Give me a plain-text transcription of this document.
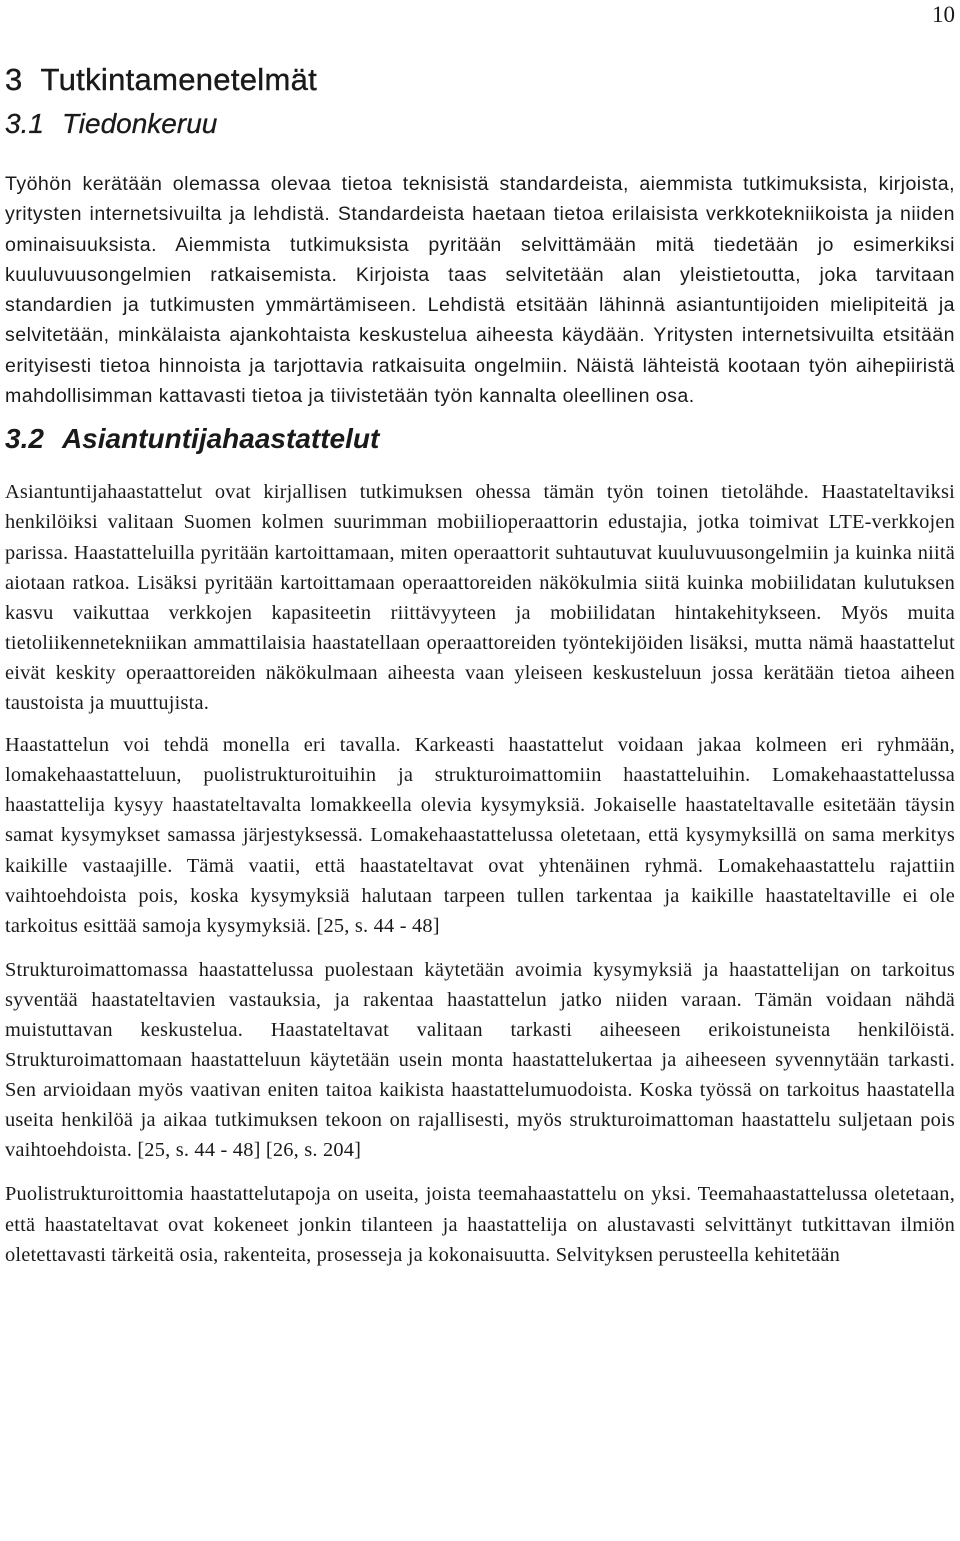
10
3 Tutkintamenetelmät
3.1 Tiedonkeruu

Työhön kerätään olemassa olevaa tietoa teknisistä standardeista, aiemmista tutkimuksista, kirjoista, yritysten internetsivuilta ja lehdistä. Standardeista haetaan tietoa erilaisista verkkotekniikoista ja niiden ominaisuuksista. Aiemmista tutkimuksista pyritään selvittämään mitä tiedetään jo esimerkiksi kuuluvuusongelmien ratkaisemista. Kirjoista taas selvitetään alan yleistietoutta, joka tarvitaan standardien ja tutkimusten ymmärtämiseen. Lehdistä etsitään lähinnä asiantuntijoiden mielipiteitä ja selvitetään, minkälaista ajankohtaista keskustelua aiheesta käydään. Yritysten internetsivuilta etsitään erityisesti tietoa hinnoista ja tarjottavia ratkaisuita ongelmiin. Näistä lähteistä kootaan työn aihepiiristä mahdollisimman kattavasti tietoa ja tiivistetään työn kannalta oleellinen osa.

3.2 Asiantuntijahaastattelut

Asiantuntijahaastattelut ovat kirjallisen tutkimuksen ohessa tämän työn toinen tietolähde. Haastateltaviksi henkilöiksi valitaan Suomen kolmen suurimman mobiilioperaattorin edustajia, jotka toimivat LTE-verkkojen parissa. Haastatteluilla pyritään kartoittamaan, miten operaattorit suhtautuvat kuuluvuusongelmiin ja kuinka niitä aiotaan ratkoa. Lisäksi pyritään kartoittamaan operaattoreiden näkökulmia siitä kuinka mobiilidatan kulutuksen kasvu vaikuttaa verkkojen kapasiteetin riittävyyteen ja mobiilidatan hintakehitykseen. Myös muita tietoliikennetekniikan ammattilaisia haastatellaan operaattoreiden työntekijöiden lisäksi, mutta nämä haastattelut eivät keskity operaattoreiden näkökulmaan aiheesta vaan yleiseen keskusteluun jossa kerätään tietoa aiheen taustoista ja muuttujista.

Haastattelun voi tehdä monella eri tavalla. Karkeasti haastattelut voidaan jakaa kolmeen eri ryhmään, lomakehaastatteluun, puolistrukturoituihin ja strukturoimattomiin haastatteluihin. Lomakehaastattelussa haastattelija kysyy haastateltavalta lomakkeella olevia kysymyksiä. Jokaiselle haastateltavalle esitetään täysin samat kysymykset samassa järjestyksessä. Lomakehaastattelussa oletetaan, että kysymyksillä on sama merkitys kaikille vastaajille. Tämä vaatii, että haastateltavat ovat yhtenäinen ryhmä. Lomakehaastattelu rajattiin vaihtoehdoista pois, koska kysymyksiä halutaan tarpeen tullen tarkentaa ja kaikille haastateltaville ei ole tarkoitus esittää samoja kysymyksiä. [25, s. 44 - 48]

Strukturoimattomassa haastattelussa puolestaan käytetään avoimia kysymyksiä ja haastattelijan on tarkoitus syventää haastateltavien vastauksia, ja rakentaa haastattelun jatko niiden varaan. Tämän voidaan nähdä muistuttavan keskustelua. Haastateltavat valitaan tarkasti aiheeseen erikoistuneista henkilöistä. Strukturoimattomaan haastatteluun käytetään usein monta haastattelukertaa ja aiheeseen syvennytään tarkasti. Sen arvioidaan myös vaativan eniten taitoa kaikista haastattelumuodoista. Koska työssä on tarkoitus haastatella useita henkilöä ja aikaa tutkimuksen tekoon on rajallisesti, myös strukturoimattoman haastattelu suljetaan pois vaihtoehdoista. [25, s. 44 - 48] [26, s. 204]

Puolistrukturoittomia haastattelutapoja on useita, joista teemahaastattelu on yksi. Teemahaastattelussa oletetaan, että haastateltavat ovat kokeneet jonkin tilanteen ja haastattelija on alustavasti selvittänyt tutkittavan ilmiön oletettavasti tärkeitä osia, rakenteita, prosesseja ja kokonaisuutta. Selvityksen perusteella kehitetään
